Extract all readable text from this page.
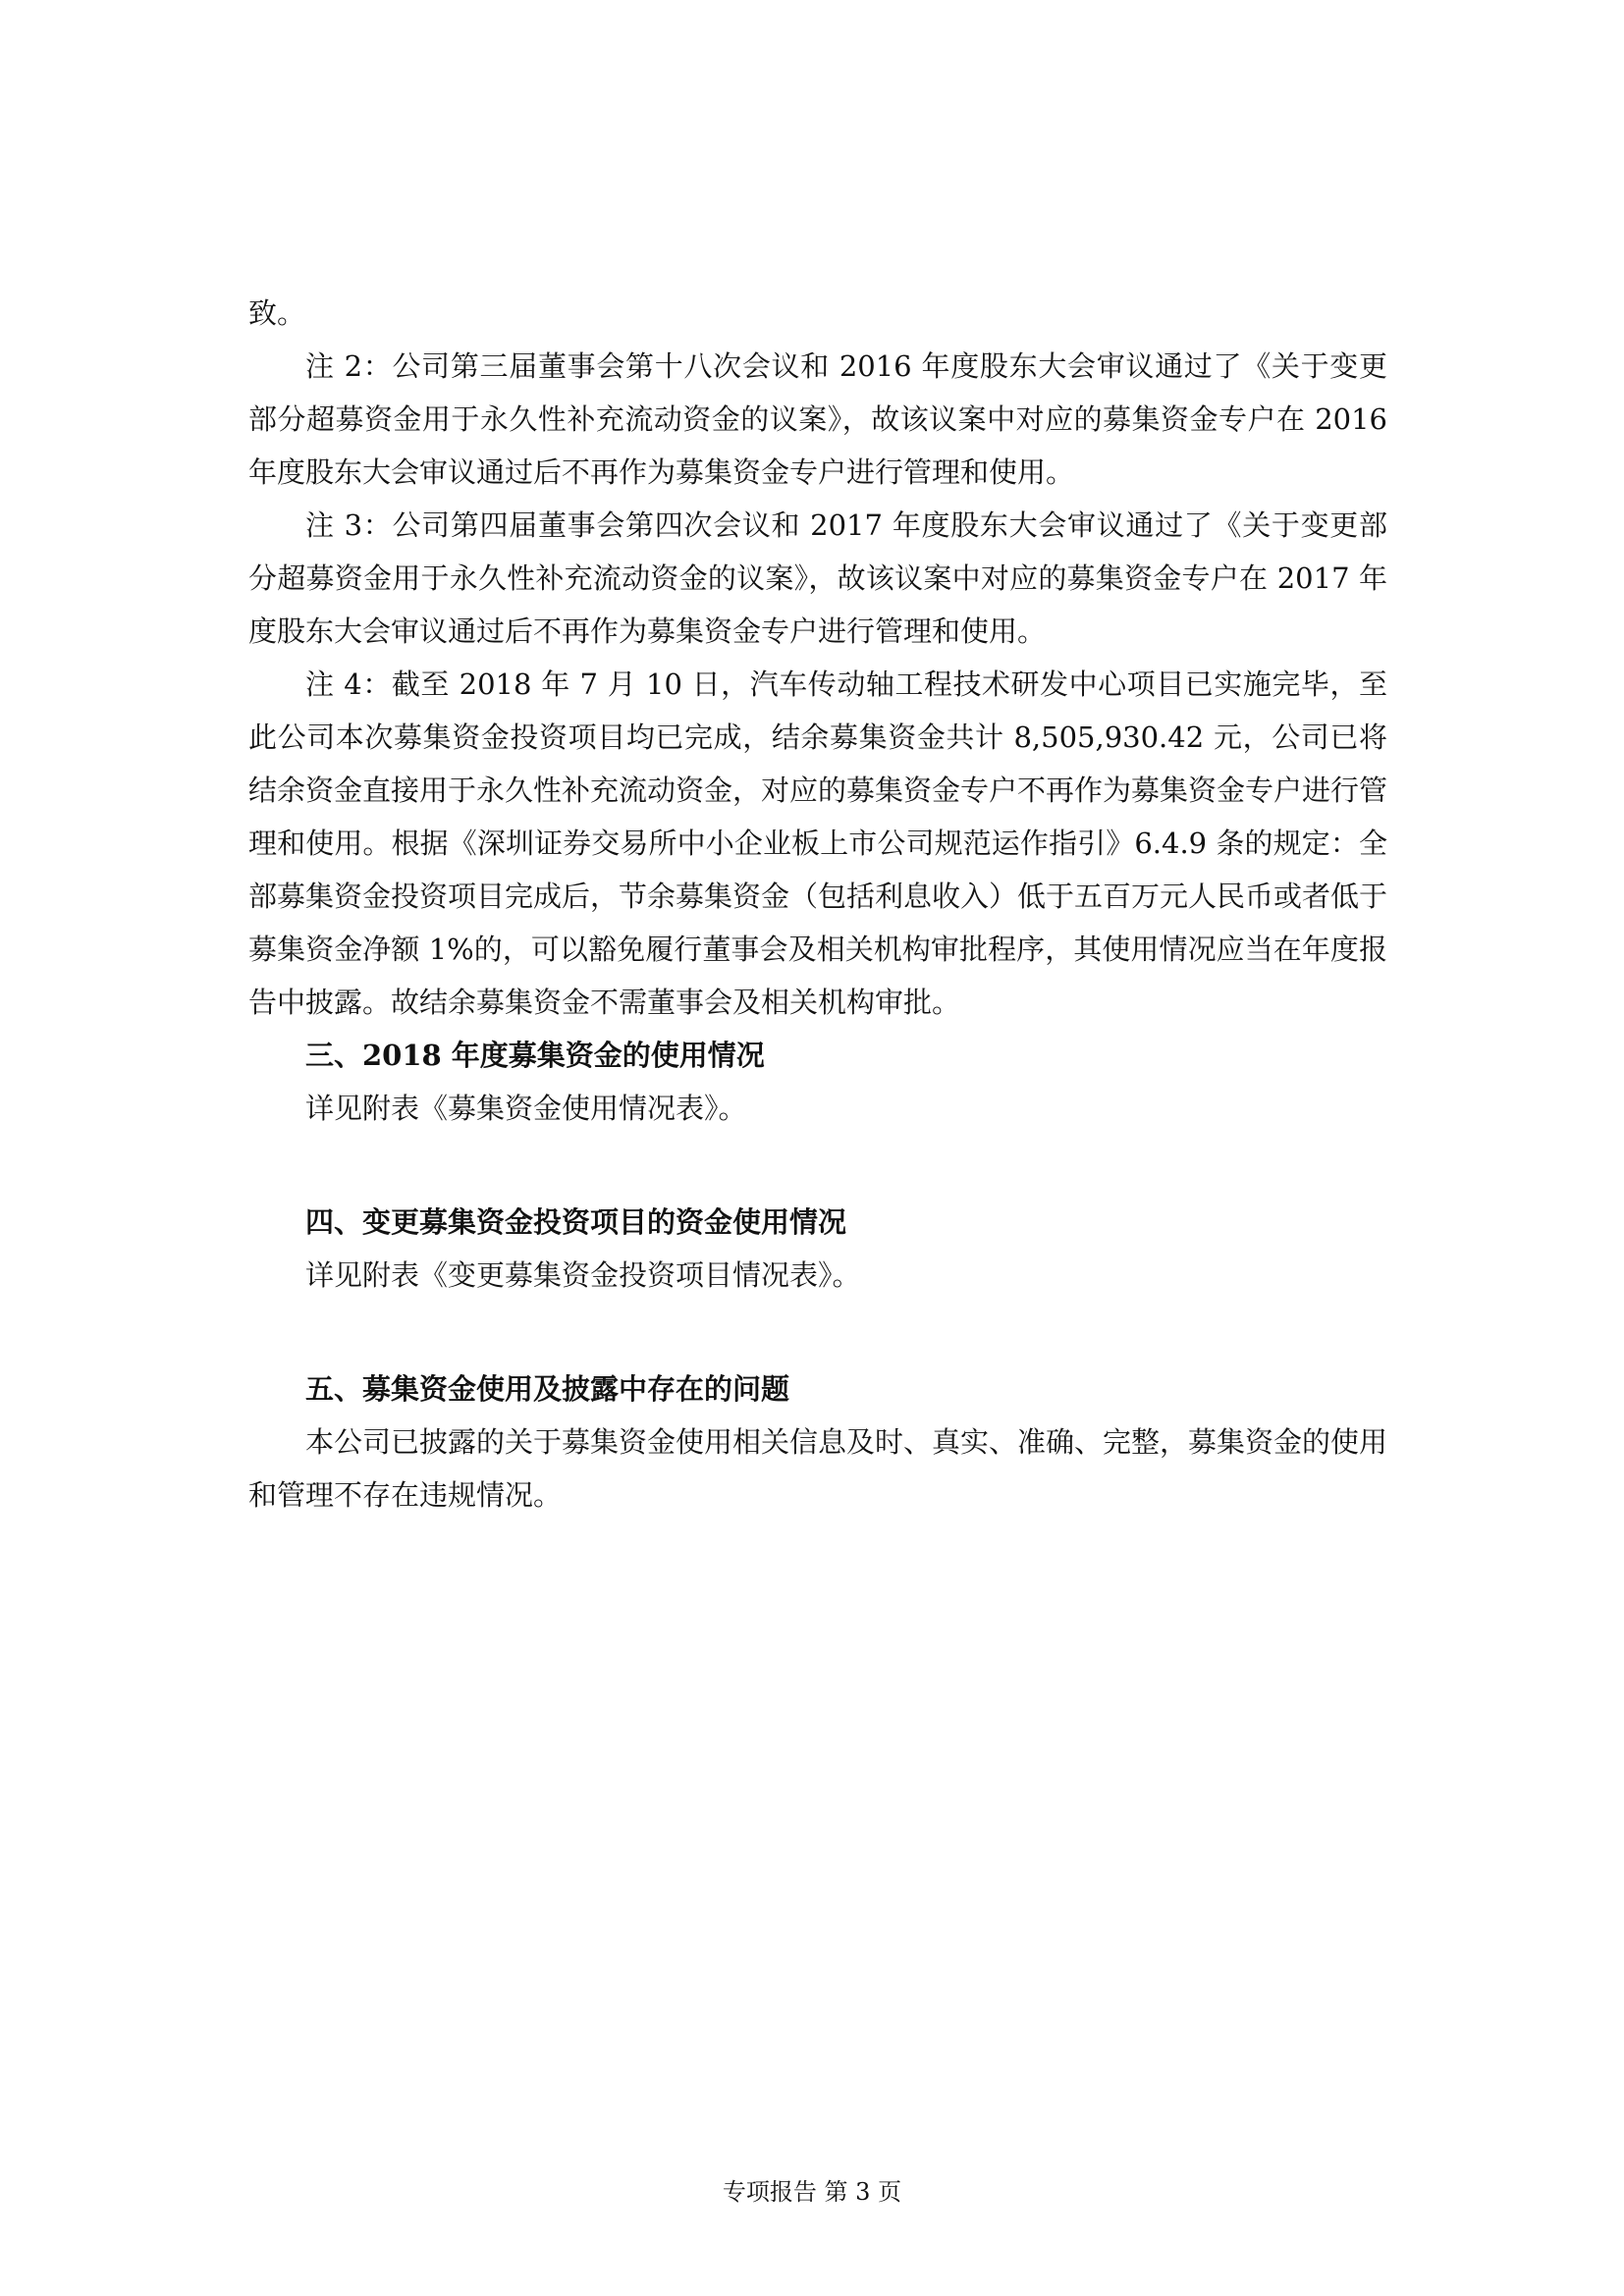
致。

注 2：公司第三届董事会第十八次会议和 2016 年度股东大会审议通过了《关于变更部分超募资金用于永久性补充流动资金的议案》，故该议案中对应的募集资金专户在 2016 年度股东大会审议通过后不再作为募集资金专户进行管理和使用。

注 3：公司第四届董事会第四次会议和 2017 年度股东大会审议通过了《关于变更部分超募资金用于永久性补充流动资金的议案》，故该议案中对应的募集资金专户在 2017 年度股东大会审议通过后不再作为募集资金专户进行管理和使用。

注 4：截至 2018 年 7 月 10 日，汽车传动轴工程技术研发中心项目已实施完毕，至此公司本次募集资金投资项目均已完成，结余募集资金共计 8,505,930.42 元，公司已将结余资金直接用于永久性补充流动资金，对应的募集资金专户不再作为募集资金专户进行管理和使用。根据《深圳证券交易所中小企业板上市公司规范运作指引》6.4.9 条的规定：全部募集资金投资项目完成后，节余募集资金（包括利息收入）低于五百万元人民币或者低于募集资金净额 1%的，可以豁免履行董事会及相关机构审批程序，其使用情况应当在年度报告中披露。故结余募集资金不需董事会及相关机构审批。

三、2018 年度募集资金的使用情况

详见附表《募集资金使用情况表》。

四、变更募集资金投资项目的资金使用情况

详见附表《变更募集资金投资项目情况表》。

五、募集资金使用及披露中存在的问题

本公司已披露的关于募集资金使用相关信息及时、真实、准确、完整，募集资金的使用和管理不存在违规情况。

专项报告 第 3 页
